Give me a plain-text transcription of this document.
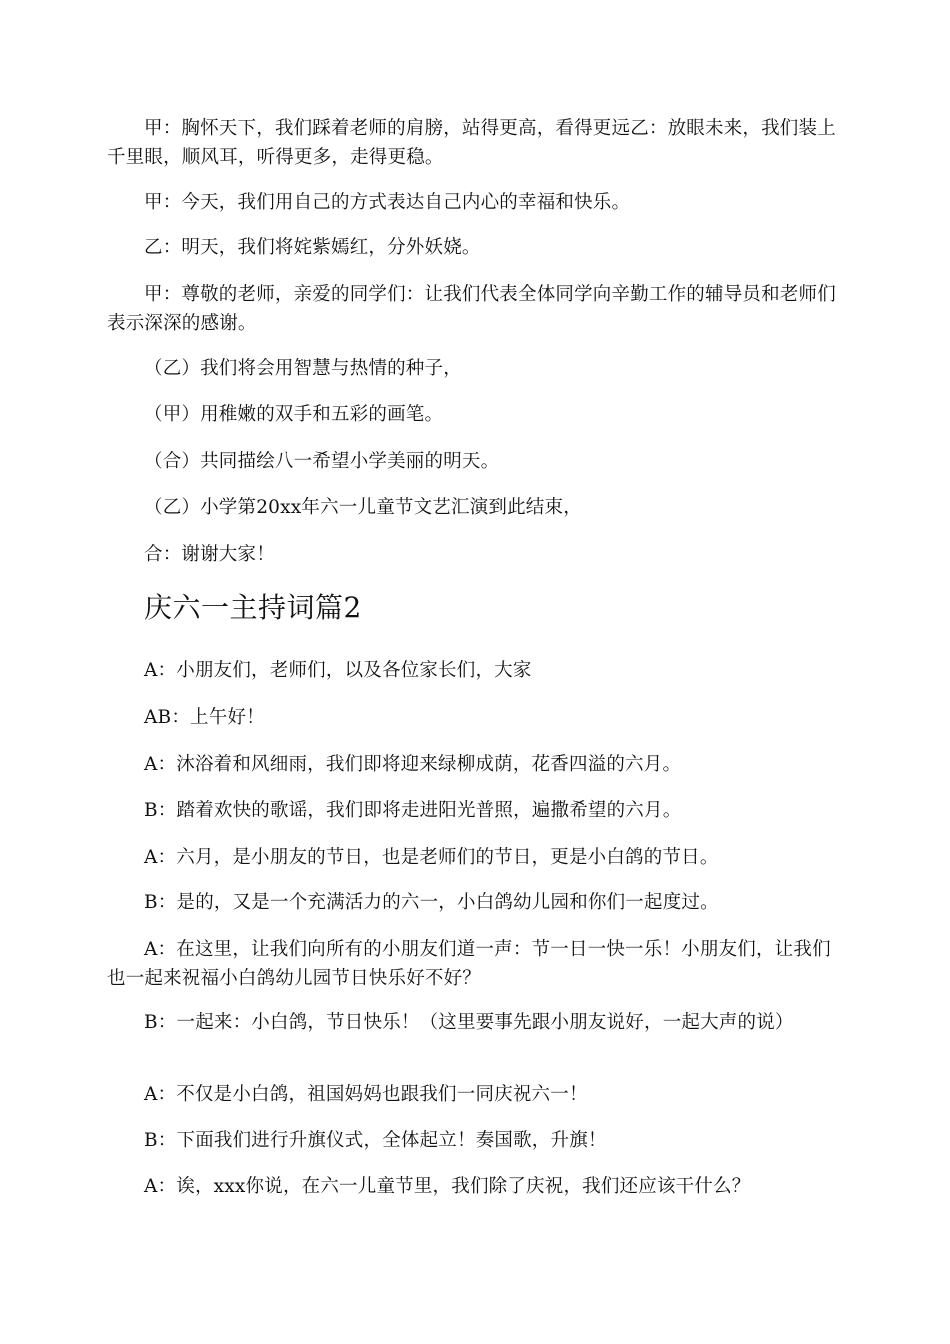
甲：胸怀天下，我们踩着老师的肩膀，站得更高，看得更远乙：放眼未来，我们装上千里眼，顺风耳，听得更多，走得更稳。

甲：今天，我们用自己的方式表达自己内心的幸福和快乐。

乙：明天，我们将姹紫嫣红，分外妖娆。

甲：尊敬的老师，亲爱的同学们：让我们代表全体同学向辛勤工作的辅导员和老师们表示深深的感谢。

（乙）我们将会用智慧与热情的种子，

（甲）用稚嫩的双手和五彩的画笔。

（合）共同描绘八一希望小学美丽的明天。

（乙）小学第20xx年六一儿童节文艺汇演到此结束，

合：谢谢大家！

庆六一主持词篇2

A：小朋友们，老师们，以及各位家长们，大家

AB：上午好！

A：沐浴着和风细雨，我们即将迎来绿柳成荫，花香四溢的六月。

B：踏着欢快的歌谣，我们即将走进阳光普照，遍撒希望的六月。

A：六月，是小朋友的节日，也是老师们的节日，更是小白鸽的节日。

B：是的，又是一个充满活力的六一，小白鸽幼儿园和你们一起度过。

A：在这里，让我们向所有的小朋友们道一声：节一日一快一乐！小朋友们，让我们也一起来祝福小白鸽幼儿园节日快乐好不好？

B：一起来：小白鸽，节日快乐！（这里要事先跟小朋友说好，一起大声的说）

A：不仅是小白鸽，祖国妈妈也跟我们一同庆祝六一！

B：下面我们进行升旗仪式，全体起立！奏国歌，升旗！

A：诶，xxx你说，在六一儿童节里，我们除了庆祝，我们还应该干什么？
